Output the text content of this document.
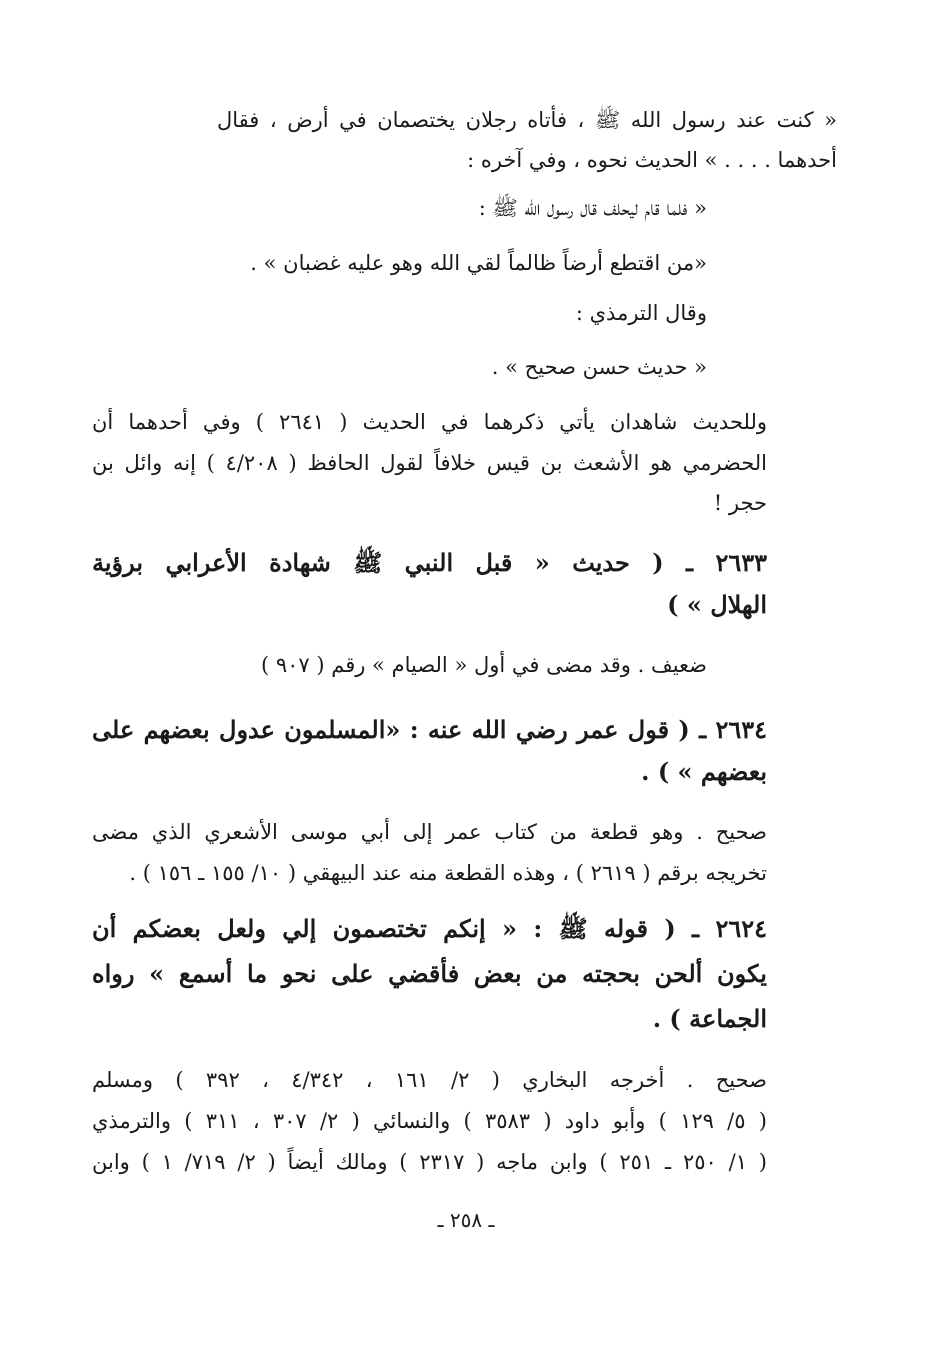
« كنت عند رسول الله ﷺ ، فأتاه رجلان يختصمان في أرض ، فقال
أحدهما . . . . » الحديث نحوه ، وفي آخره :
« فلما قام ليحلف قال رسول الله ﷺ :
«من اقتطع أرضاً ظالماً لقي الله وهو عليه غضبان » .
وقال الترمذي :
« حديث حسن صحيح » .
وللحديث شاهدان يأتي ذكرهما في الحديث ( ٢٦٤١ ) وفي أحدهما أن
الحضرمي هو الأشعث بن قيس خلافاً لقول الحافظ ( ٤/٢٠٨ ) إنه وائل بن
حجر !
٢٦٣٣ ـ ( حديث « قبل النبي ﷺ شهادة الأعرابي برؤية
الهلال » )
ضعيف . وقد مضى في أول « الصيام » رقم ( ٩٠٧ )
٢٦٣٤ ـ ( قول عمر رضي الله عنه : «المسلمون عدول بعضهم على
بعضهم » ) .
صحيح . وهو قطعة من كتاب عمر إلى أبي موسى الأشعري الذي مضى
تخريجه برقم ( ٢٦١٩ ) ، وهذه القطعة منه عند البيهقي ( ١٠/ ١٥٥ ـ ١٥٦ ) .
٢٦٢٤ ـ ( قوله ﷺ : « إنكم تختصمون إلي ولعل بعضكم أن
يكون ألحن بحجته من بعض فأقضي على نحو ما أسمع » رواه
الجماعة ) .
صحيح . أخرجه البخاري ( ٢/ ١٦١ ، ٤/٣٤٢ ، ٣٩٢ ) ومسلم
( ٥/ ١٢٩ ) وأبو داود ( ٣٥٨٣ ) والنسائي ( ٢/ ٣٠٧ ، ٣١١ ) والترمذي
( ١/ ٢٥٠ ـ ٢٥١ ) وابن ماجه ( ٢٣١٧ ) ومالك أيضاً ( ٢/ ٧١٩/ ١ ) وابن
ـ ٢٥٨ ـ
